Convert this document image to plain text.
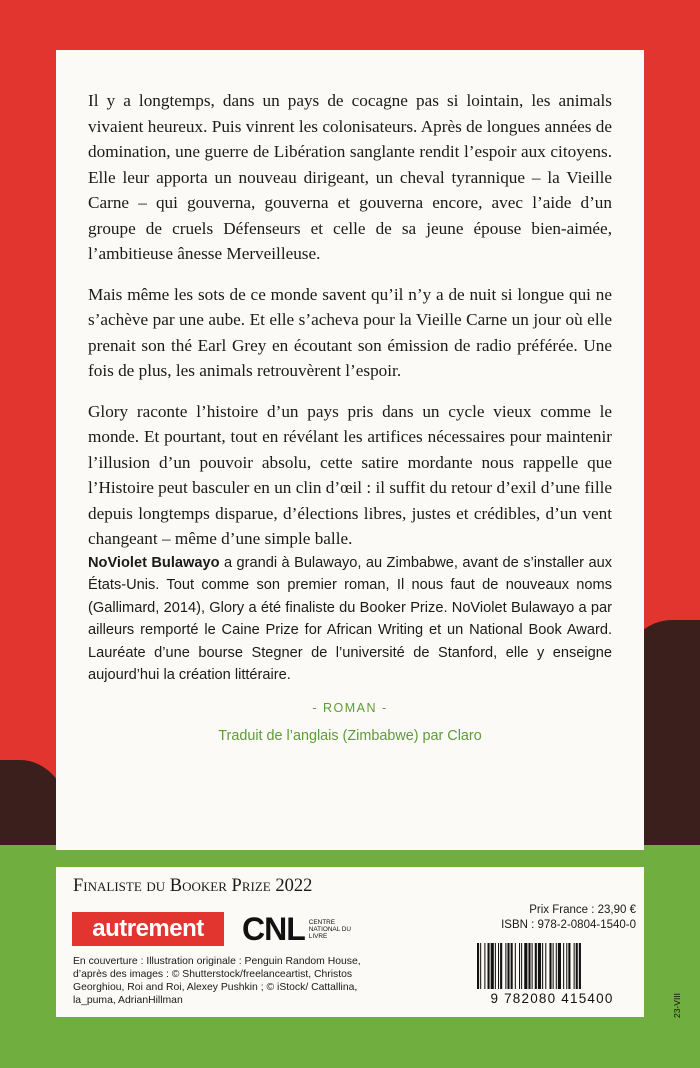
Il y a longtemps, dans un pays de cocagne pas si lointain, les animals vivaient heureux. Puis vinrent les colonisateurs. Après de longues années de domination, une guerre de Libération sanglante rendit l’espoir aux citoyens. Elle leur apporta un nouveau dirigeant, un cheval tyrannique – la Vieille Carne – qui gouverna, gouverna et gouverna encore, avec l’aide d’un groupe de cruels Défenseurs et celle de sa jeune épouse bien-aimée, l’ambitieuse ânesse Merveilleuse.

Mais même les sots de ce monde savent qu’il n’y a de nuit si longue qui ne s’achève par une aube. Et elle s’acheva pour la Vieille Carne un jour où elle prenait son thé Earl Grey en écoutant son émission de radio préférée. Une fois de plus, les animals retrouvèrent l’espoir.

Glory raconte l’histoire d’un pays pris dans un cycle vieux comme le monde. Et pourtant, tout en révélant les artifices nécessaires pour maintenir l’illusion d’un pouvoir absolu, cette satire mordante nous rappelle que l’Histoire peut basculer en un clin d’œil : il suffit du retour d’exil d’une fille depuis longtemps disparue, d’élections libres, justes et crédibles, d’un vent changeant – même d’une simple balle.

NoViolet Bulawayo a grandi à Bulawayo, au Zimbabwe, avant de s’installer aux États-Unis. Tout comme son premier roman, Il nous faut de nouveaux noms (Gallimard, 2014), Glory a été finaliste du Booker Prize. NoViolet Bulawayo a par ailleurs remporté le Caine Prize for African Writing et un National Book Award. Lauréate d’une bourse Stegner de l’université de Stanford, elle y enseigne aujourd’hui la création littéraire.

- ROMAN -
Traduit de l’anglais (Zimbabwe) par Claro
Finaliste du Booker Prize 2022
autrement	CNL CENTRE NATIONAL DU LIVRE
En couverture : Illustration originale : Penguin Random House, d’après des images : © Shutterstock/freelanceartist, Christos Georghiou, Roi and Roi, Alexey Pushkin ; © iStock/ Cattallina, la_puma, AdrianHillman
Prix France : 23,90 €
ISBN : 978-2-0804-1540-0
9 782080 415400	23-VIII
